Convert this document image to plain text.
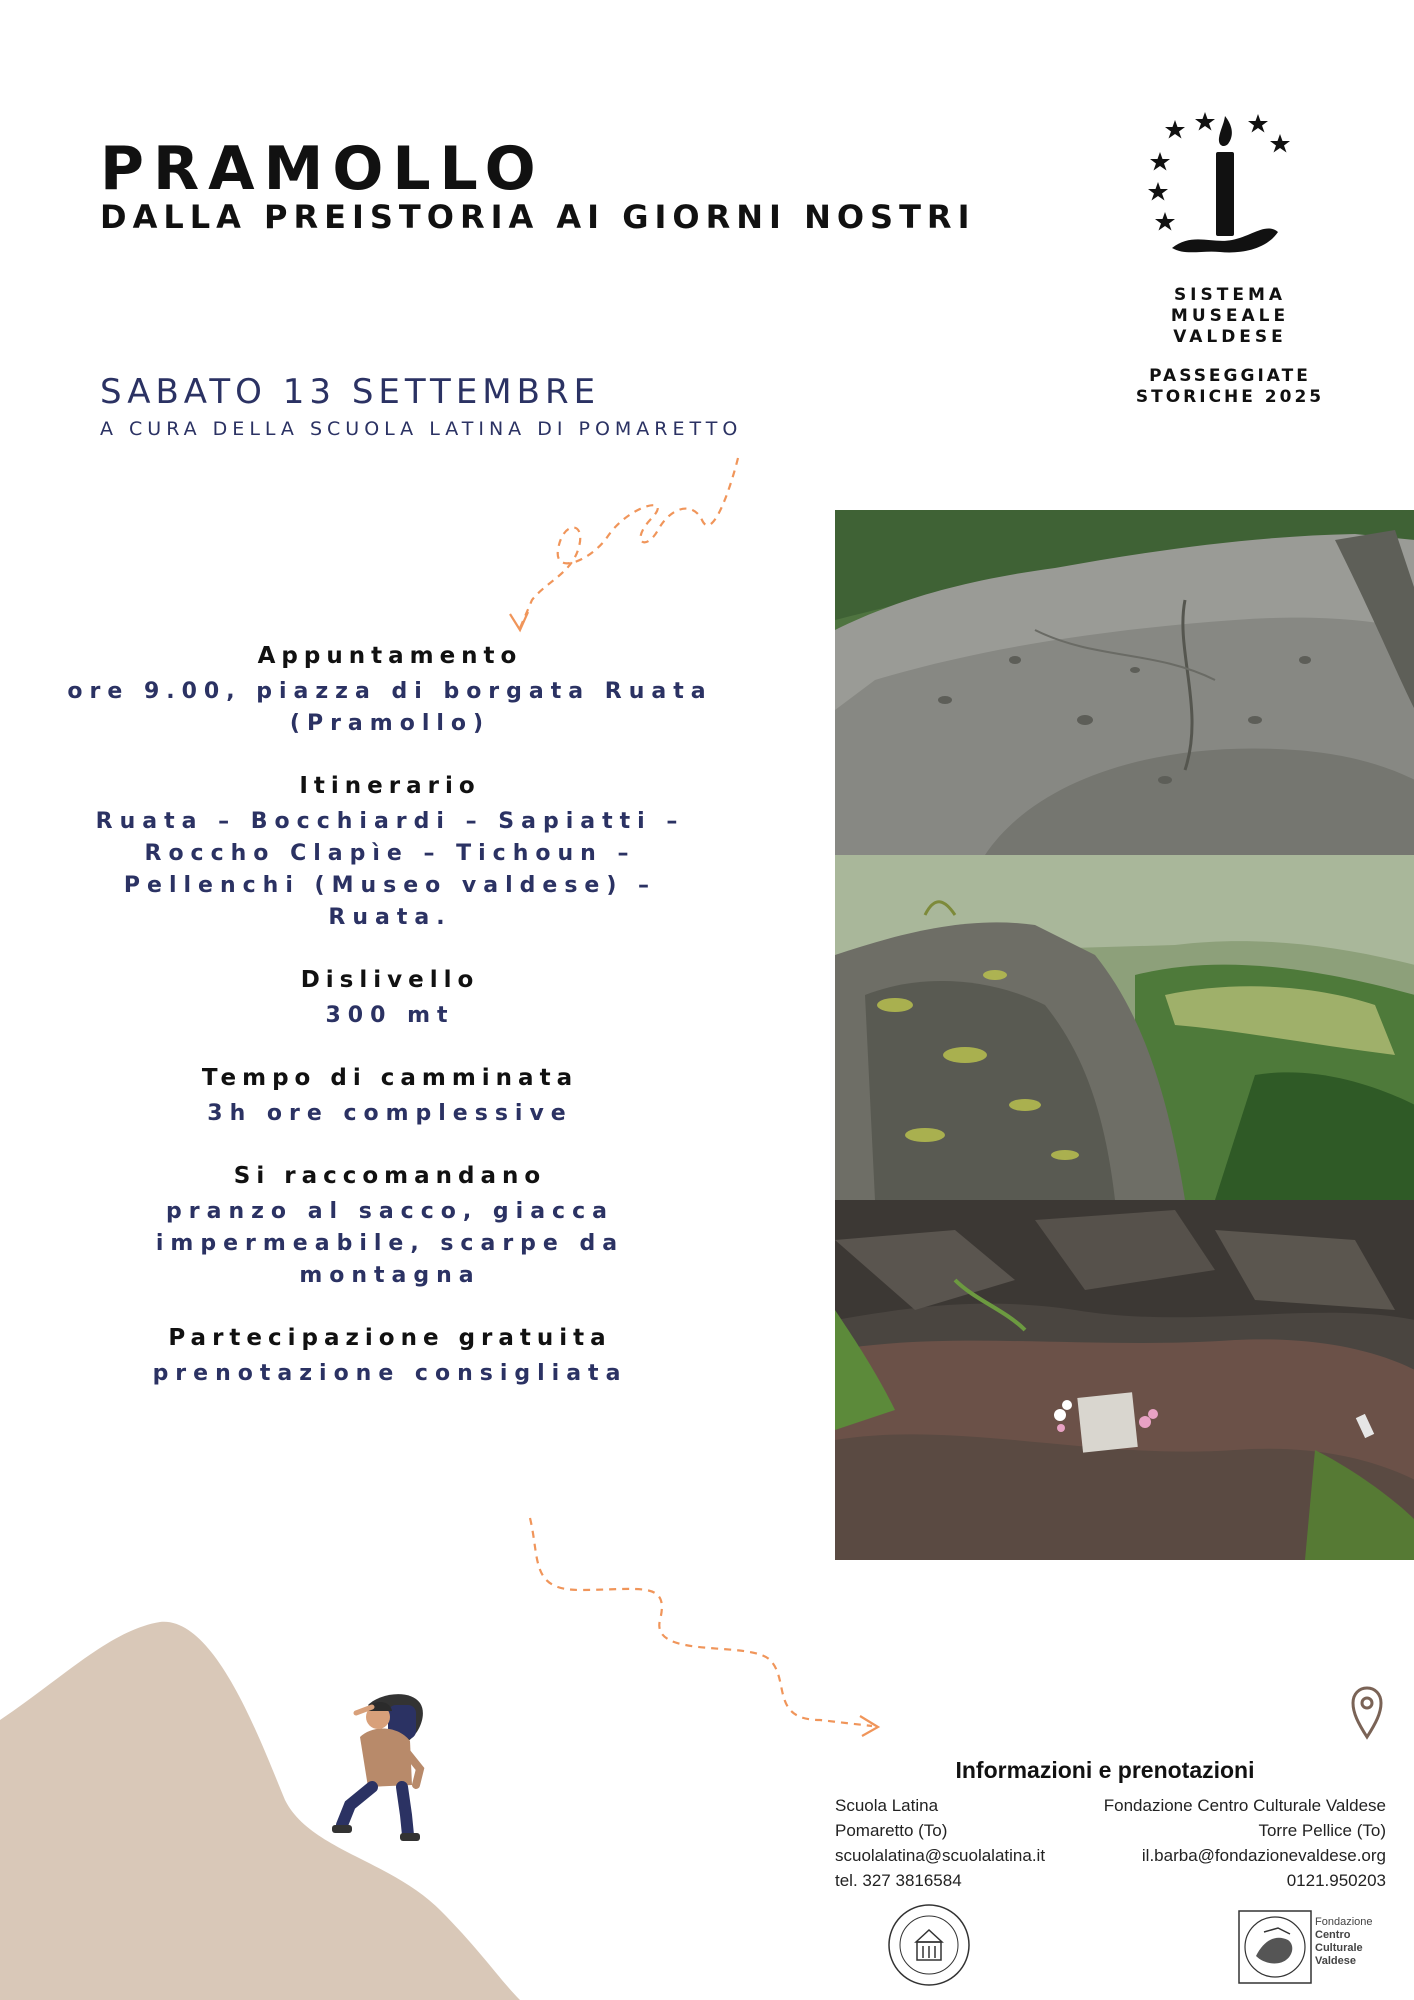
PRAMOLLO
DALLA PREISTORIA AI GIORNI NOSTRI
SABATO 13 SETTEMBRE
A CURA DELLA SCUOLA LATINA DI POMARETTO
SISTEMA
MUSEALE
VALDESE
PASSEGGIATE
STORICHE 2025
Appuntamento
ore 9.00, piazza di borgata Ruata (Pramollo)
Itinerario
Ruata – Bocchiardi – Sapiatti – Roccho Clapìe – Tichoun – Pellenchi (Museo valdese) – Ruata.
Dislivello
300 mt
Tempo di camminata
3h ore complessive
Si raccomandano
pranzo al sacco, giacca impermeabile, scarpe da montagna
Partecipazione gratuita
prenotazione consigliata
Informazioni e prenotazioni
Scuola Latina
Pomaretto (To)
scuolalatina@scuolalatina.it
tel. 327 3816584
Fondazione Centro Culturale Valdese
Torre Pellice (To)
il.barba@fondazionevaldese.org
0121.950203
Fondazione
Centro
Culturale
Valdese
